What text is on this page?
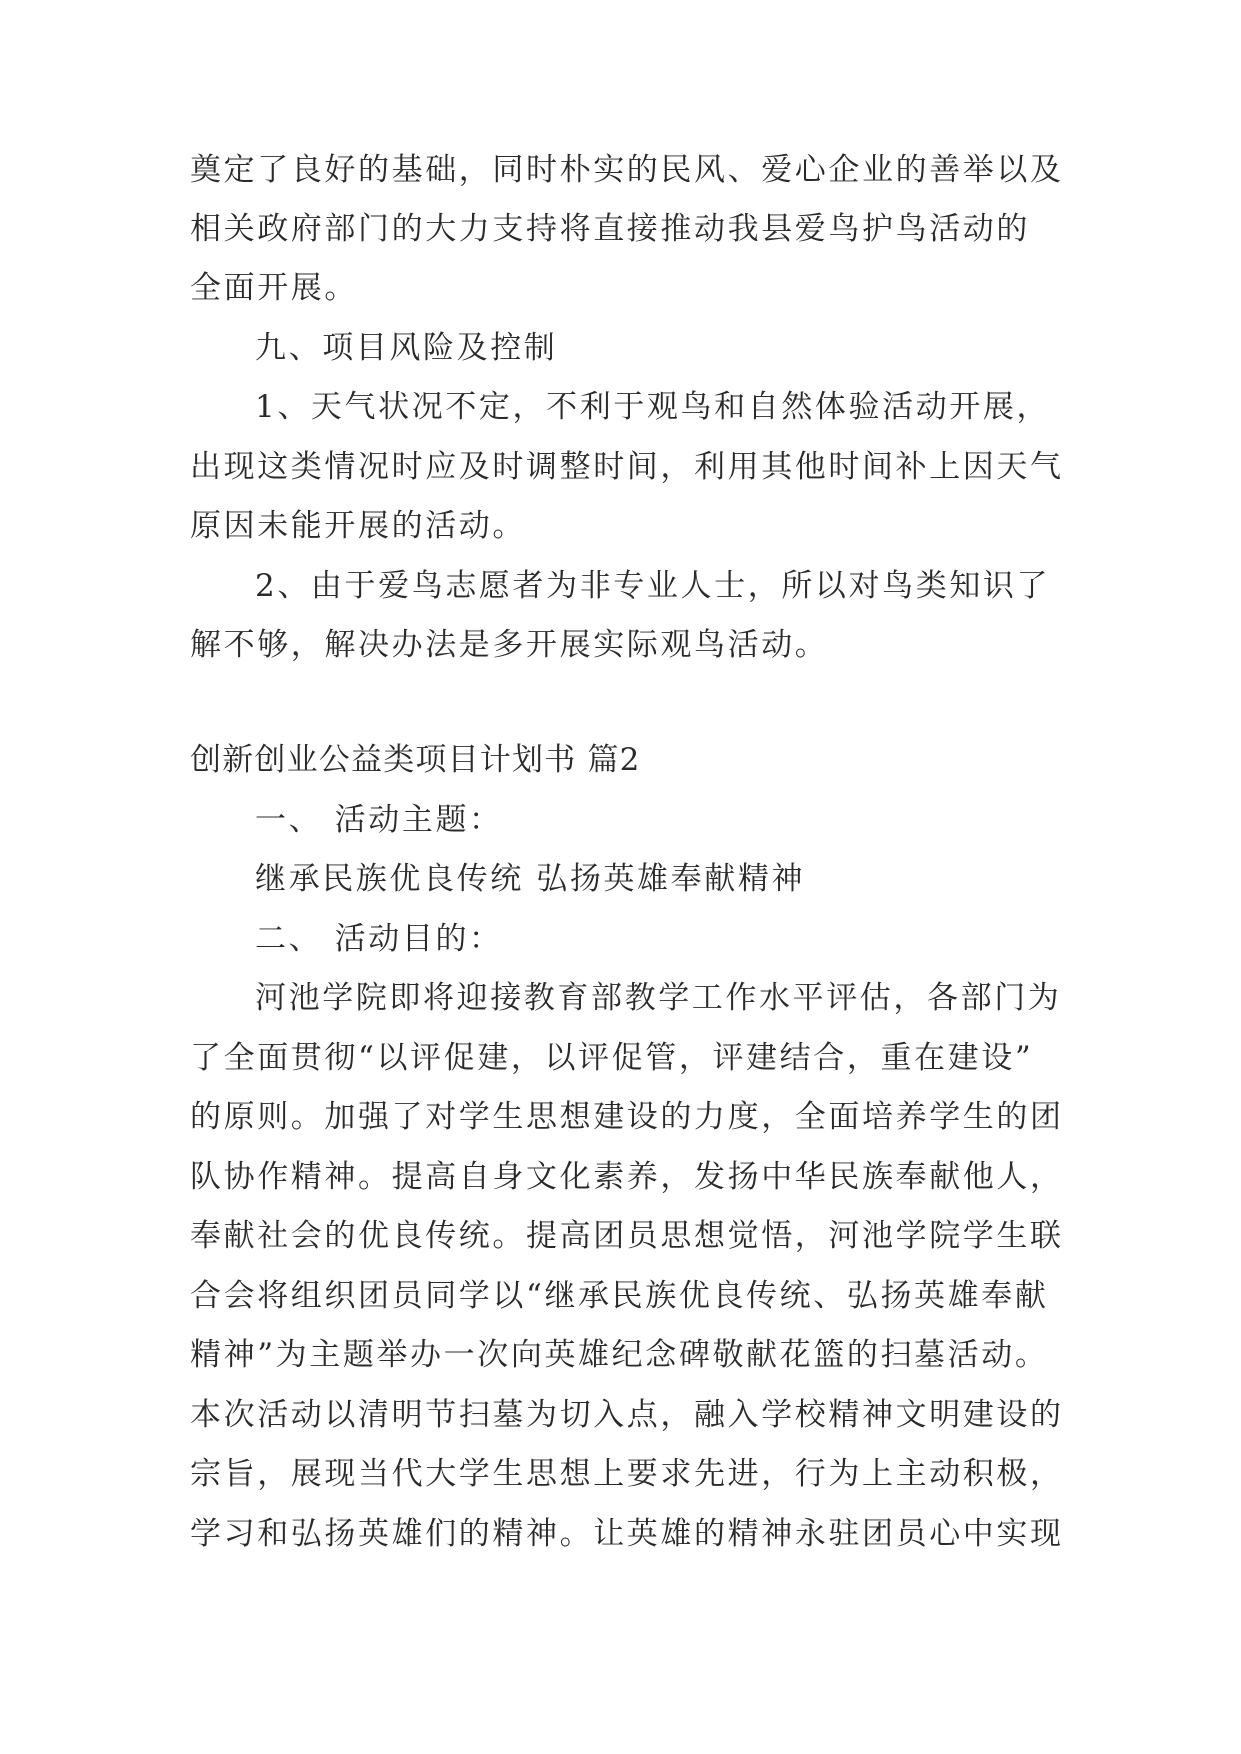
奠定了良好的基础，同时朴实的民风、爱心企业的善举以及
相关政府部门的大力支持将直接推动我县爱鸟护鸟活动的
全面开展。
九、项目风险及控制
1、天气状况不定，不利于观鸟和自然体验活动开展，
出现这类情况时应及时调整时间，利用其他时间补上因天气
原因未能开展的活动。
2、由于爱鸟志愿者为非专业人士，所以对鸟类知识了
解不够，解决办法是多开展实际观鸟活动。
创新创业公益类项目计划书 篇2
一、 活动主题：
继承民族优良传统 弘扬英雄奉献精神
二、 活动目的：
河池学院即将迎接教育部教学工作水平评估，各部门为
了全面贯彻“以评促建，以评促管，评建结合，重在建设”
的原则。加强了对学生思想建设的力度，全面培养学生的团
队协作精神。提高自身文化素养，发扬中华民族奉献他人，
奉献社会的优良传统。提高团员思想觉悟，河池学院学生联
合会将组织团员同学以“继承民族优良传统、弘扬英雄奉献
精神”为主题举办一次向英雄纪念碑敬献花篮的扫墓活动。
本次活动以清明节扫墓为切入点，融入学校精神文明建设的
宗旨，展现当代大学生思想上要求先进，行为上主动积极，
学习和弘扬英雄们的精神。让英雄的精神永驻团员心中实现
